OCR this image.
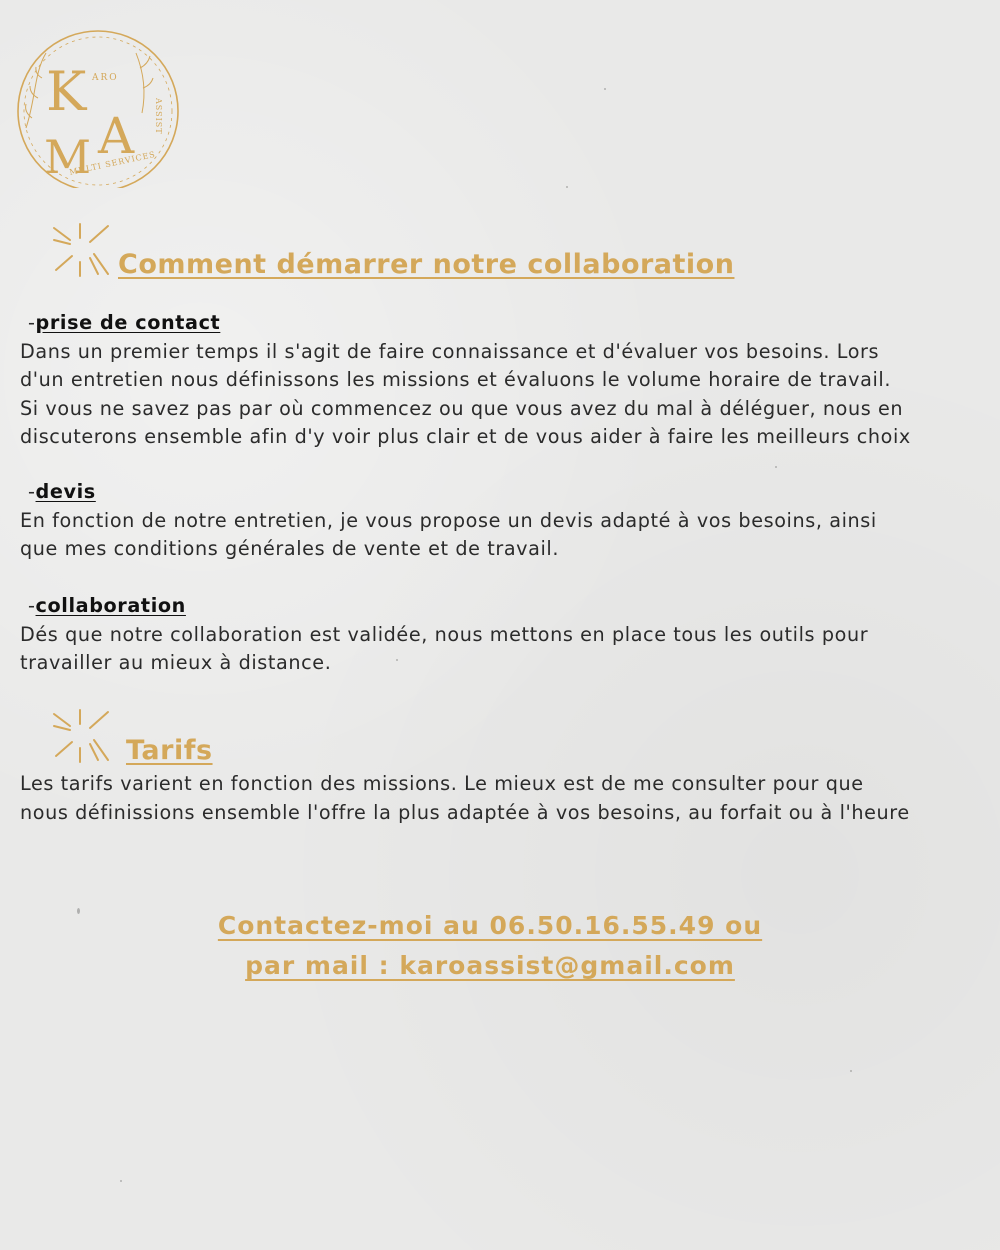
K
M A
ARO
ASSIST
MULTI SERVICES
Comment démarrer notre collaboration
-prise de contact
Dans un premier temps il s'agit de faire connaissance et d'évaluer vos besoins. Lors
d'un entretien nous définissons les missions et évaluons le volume horaire de travail.
Si vous ne savez pas par où commencez ou que vous avez du mal à déléguer, nous en
discuterons ensemble afin d'y voir plus clair et de vous aider à faire les meilleurs choix
-devis
En fonction de notre entretien, je vous propose un devis adapté à vos besoins, ainsi
que mes conditions générales de vente et de travail.
-collaboration
Dés que notre collaboration est validée, nous mettons en place tous les outils pour
travailler au mieux à distance.
Tarifs
Les tarifs varient en fonction des missions. Le mieux est de me consulter pour que
nous définissions ensemble l'offre la plus adaptée à vos besoins, au forfait ou à l'heure
Contactez-moi au 06.50.16.55.49 ou
par mail : karoassist@gmail.com
